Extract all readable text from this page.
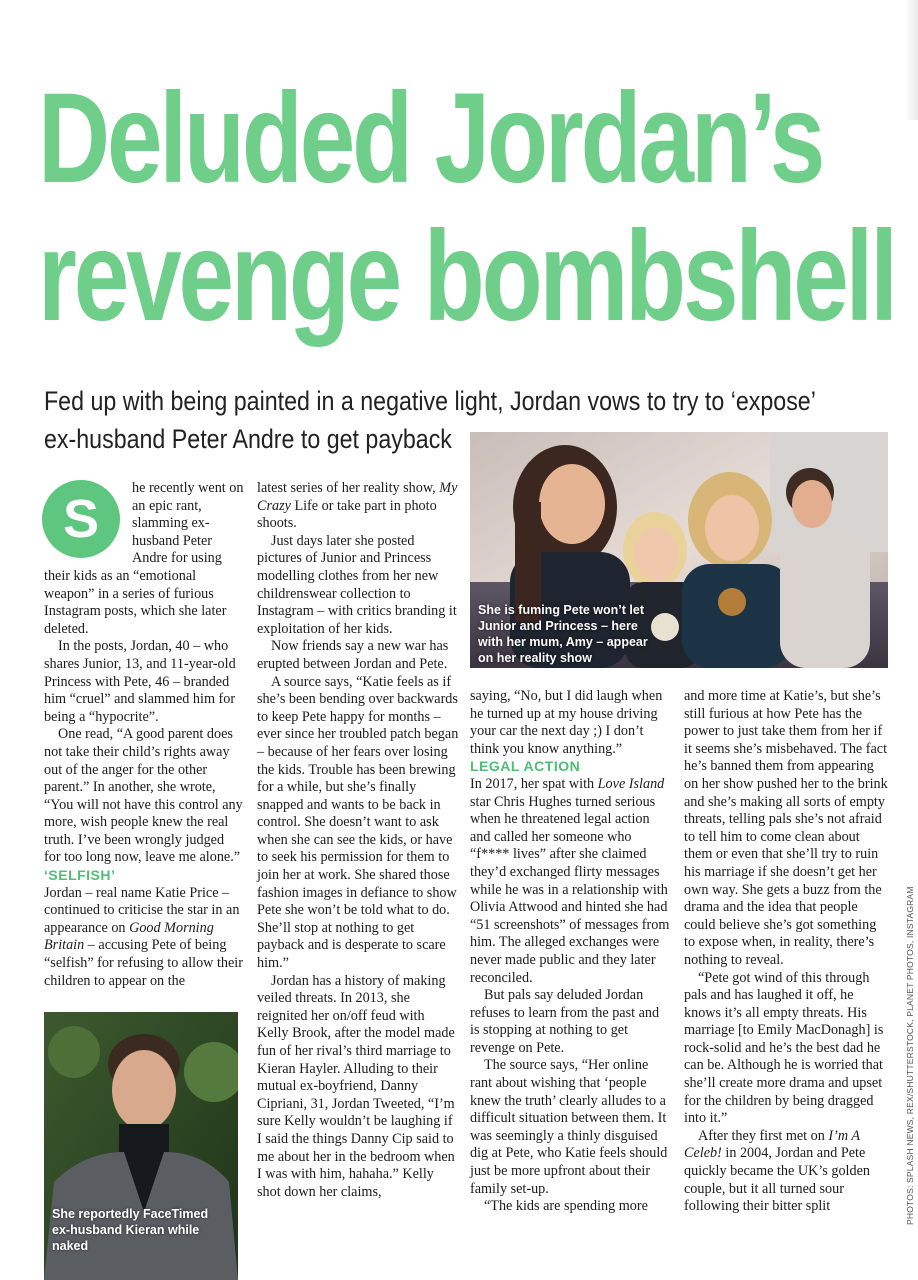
Deluded Jordan’s
revenge bombshell
Fed up with being painted in a negative light, Jordan vows to try to ‘expose’
ex-husband Peter Andre to get payback
She is fuming Pete won’t let Junior and Princess – here with her mum, Amy – appear on her reality show
She reportedly FaceTimed ex-husband Kieran while naked
S

he recently went on an epic rant, slamming ex-husband Peter Andre for using their kids as an “emotional weapon” in a series of furious Instagram posts, which she later deleted.

In the posts, Jordan, 40 – who shares Junior, 13, and 11-year-old Princess with Pete, 46 – branded him “cruel” and slammed him for being a “hypocrite”.

One read, “A good parent does not take their child’s rights away out of the anger for the other parent.” In another, she wrote, “You will not have this control any more, wish people knew the real truth. I’ve been wrongly judged for too long now, leave me alone.”

‘SELFISH’

Jordan – real name Katie Price – continued to criticise the star in an appearance on Good Morning Britain – accusing Pete of being “selfish” for refusing to allow their children to appear on the

latest series of her reality show, My Crazy Life or take part in photo shoots.

Just days later she posted pictures of Junior and Princess modelling clothes from her new childrenswear collection to Instagram – with critics branding it exploitation of her kids.

Now friends say a new war has erupted between Jordan and Pete.

A source says, “Katie feels as if she’s been bending over backwards to keep Pete happy for months – ever since her troubled patch began – because of her fears over losing the kids. Trouble has been brewing for a while, but she’s finally snapped and wants to be back in control. She doesn’t want to ask when she can see the kids, or have to seek his permission for them to join her at work. She shared those fashion images in defiance to show Pete she won’t be told what to do. She’ll stop at nothing to get payback and is desperate to scare him.”

Jordan has a history of making veiled threats. In 2013, she reignited her on/off feud with Kelly Brook, after the model made fun of her rival’s third marriage to Kieran Hayler. Alluding to their mutual ex-boyfriend, Danny Cipriani, 31, Jordan Tweeted, “I’m sure Kelly wouldn’t be laughing if I said the things Danny Cip said to me about her in the bedroom when I was with him, hahaha.” Kelly shot down her claims,

saying, “No, but I did laugh when he turned up at my house driving your car the next day ;) I don’t think you know anything.”

LEGAL ACTION

In 2017, her spat with Love Island star Chris Hughes turned serious when he threatened legal action and called her someone who “f**** lives” after she claimed they’d exchanged flirty messages while he was in a relationship with Olivia Attwood and hinted she had “51 screenshots” of messages from him. The alleged exchanges were never made public and they later reconciled.

But pals say deluded Jordan refuses to learn from the past and is stopping at nothing to get revenge on Pete.

The source says, “Her online rant about wishing that ‘people knew the truth’ clearly alludes to a difficult situation between them. It was seemingly a thinly disguised dig at Pete, who Katie feels should just be more upfront about their family set-up.

“The kids are spending more

and more time at Katie’s, but she’s still furious at how Pete has the power to just take them from her if it seems she’s misbehaved. The fact he’s banned them from appearing on her show pushed her to the brink and she’s making all sorts of empty threats, telling pals she’s not afraid to tell him to come clean about them or even that she’ll try to ruin his marriage if she doesn’t get her own way. She gets a buzz from the drama and the idea that people could believe she’s got something to expose when, in reality, there’s nothing to reveal.

“Pete got wind of this through pals and has laughed it off, he knows it’s all empty threats. His marriage [to Emily MacDonagh] is rock-solid and he’s the best dad he can be. Although he is worried that she’ll create more drama and upset for the children by being dragged into it.”

After they first met on I’m A Celeb! in 2004, Jordan and Pete quickly became the UK’s golden couple, but it all turned sour following their bitter split	PHOTOS: SPLASH NEWS, REX/SHUTTERSTOCK, PLANET PHOTOS, INSTAGRAM
